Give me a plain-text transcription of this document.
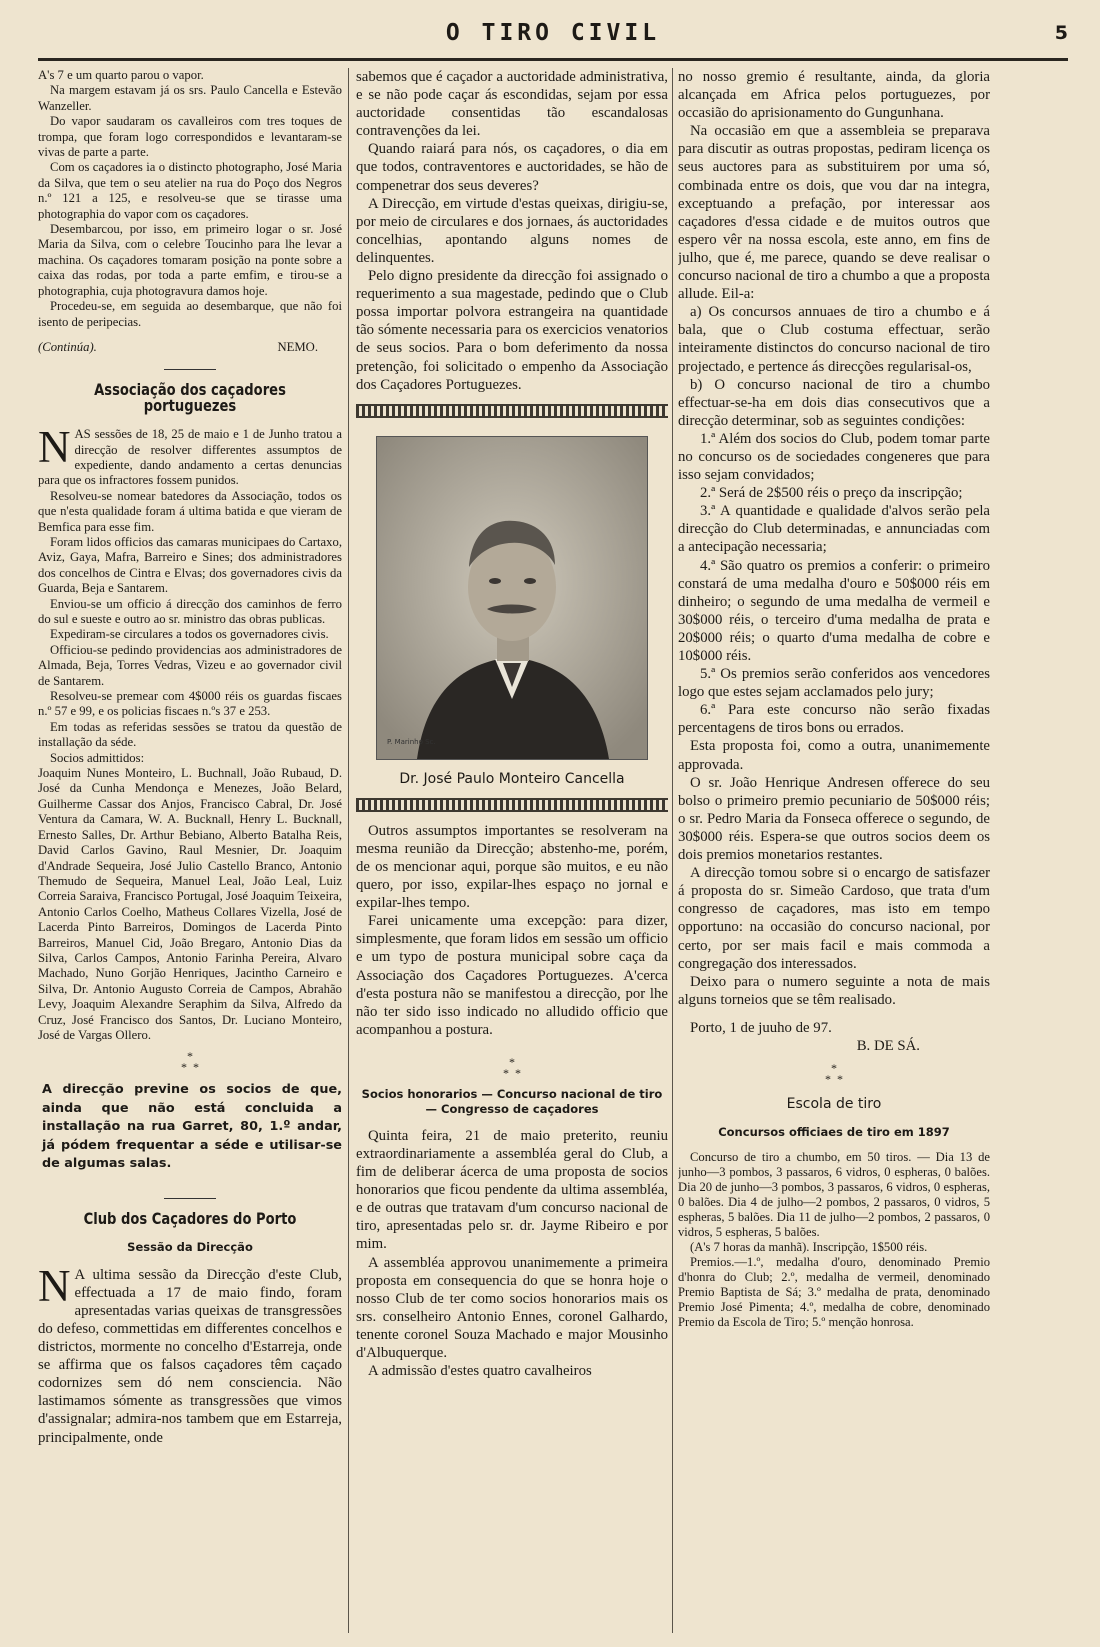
O TIRO CIVIL	5

A's 7 e um quarto parou o vapor.

Na margem estavam já os srs. Paulo Cancella e Estevão Wanzeller.

Do vapor saudaram os cavalleiros com tres toques de trompa, que foram logo correspondidos e levantaram-se vivas de parte a parte.

Com os caçadores ia o distincto photographo, José Maria da Silva, que tem o seu atelier na rua do Poço dos Negros n.º 121 a 125, e resolveu-se que se tirasse uma photographia do vapor com os caçadores.

Desembarcou, por isso, em primeiro logar o sr. José Maria da Silva, com o celebre Toucinho para lhe levar a machina. Os caçadores tomaram posição na ponte sobre a caixa das rodas, por toda a parte emfim, e tirou-se a photographia, cuja photogravura damos hoje.

Procedeu-se, em seguida ao desembarque, que não foi isento de peripecias.

(Continúa).	NEMO.
Associação dos caçadores portuguezes

NAS sessões de 18, 25 de maio e 1 de Junho tratou a direcção de resolver differentes assumptos de expediente, dando andamento a certas denuncias para que os infractores fossem punidos.

Resolveu-se nomear batedores da Associação, todos os que n'esta qualidade foram á ultima batida e que vieram de Bemfica para esse fim.

Foram lidos officios das camaras municipaes do Cartaxo, Aviz, Gaya, Mafra, Barreiro e Sines; dos administradores dos concelhos de Cintra e Elvas; dos governadores civis da Guarda, Beja e Santarem.

Enviou-se um officio á direcção dos caminhos de ferro do sul e sueste e outro ao sr. ministro das obras publicas.

Expediram-se circulares a todos os governadores civis.

Officiou-se pedindo providencias aos administradores de Almada, Beja, Torres Vedras, Vizeu e ao governador civil de Santarem.

Resolveu-se premear com 4$000 réis os guardas fiscaes n.º 57 e 99, e os policias fiscaes n.ºs 37 e 253.

Em todas as referidas sessões se tratou da questão de installação da séde.

Socios admittidos:

Joaquim Nunes Monteiro, L. Buchnall, João Rubaud, D. José da Cunha Mendonça e Menezes, João Belard, Guilherme Cassar dos Anjos, Francisco Cabral, Dr. José Ventura da Camara, W. A. Bucknall, Henry L. Bucknall, Ernesto Salles, Dr. Arthur Bebiano, Alberto Batalha Reis, David Carlos Gavino, Raul Mesnier, Dr. Joaquim d'Andrade Sequeira, José Julio Castello Branco, Antonio Themudo de Sequeira, Manuel Leal, João Leal, Luiz Correia Saraiva, Francisco Portugal, José Joaquim Teixeira, Antonio Carlos Coelho, Matheus Collares Vizella, José de Lacerda Pinto Barreiros, Domingos de Lacerda Pinto Barreiros, Manuel Cid, João Bregaro, Antonio Dias da Silva, Carlos Campos, Antonio Farinha Pereira, Alvaro Machado, Nuno Gorjão Henriques, Jacintho Carneiro e Silva, Dr. Antonio Augusto Correia de Campos, Abrahão Levy, Joaquim Alexandre Seraphim da Silva, Alfredo da Cruz, José Francisco dos Santos, Dr. Luciano Monteiro, José de Vargas Ollero.

*
*  *
A direcção previne os socios de que, ainda que não está concluida a installação na rua Garret, 80, 1.º andar, já pódem frequentar a séde e utilisar-se de algumas salas.
Club dos Caçadores do Porto
Sessão da Direcção

N A ultima sessão da Direcção d'este Club, effectuada a 17 de maio findo, foram apresentadas varias queixas de transgressões do defeso, commettidas em differentes concelhos e districtos, mormente no concelho d'Estarreja, onde se affirma que os falsos caçadores têm caçado codornizes sem dó nem consciencia. Não lastimamos sómente as transgressões que vimos d'assignalar; admira-nos tambem que em Estarreja, principalmente, onde

sabemos que é caçador a auctoridade administrativa, e se não pode caçar ás escondidas, sejam por essa auctoridade consentidas tão escandalosas contravenções da lei.

Quando raiará para nós, os caçadores, o dia em que todos, contraventores e auctoridades, se hão de compenetrar dos seus deveres?

A Direcção, em virtude d'estas queixas, dirigiu-se, por meio de circulares e dos jornaes, ás auctoridades concelhias, apontando alguns nomes de delinquentes.

Pelo digno presidente da direcção foi assignado o requerimento a sua magestade, pedindo que o Club possa importar polvora estrangeira na quantidade tão sómente necessaria para os exercicios venatorios de seus socios. Para o bom deferimento da nossa pretenção, foi solicitado o empenho da Associação dos Caçadores Portuguezes.

P. Marinho Sc.
Dr. José Paulo Monteiro Cancella

Outros assumptos importantes se resolveram na mesma reunião da Direcção; abstenho-me, porém, de os mencionar aqui, porque são muitos, e eu não quero, por isso, expilar-lhes espaço no jornal e expilar-lhes tempo.

Farei unicamente uma excepção: para dizer, simplesmente, que foram lidos em sessão um officio e um typo de postura municipal sobre caça da Associação dos Caçadores Portuguezes. A'cerca d'esta postura não se manifestou a direcção, por lhe não ter sido isso indicado no alludido officio que acompanhou a postura.

*
*  *
Socios honorarios — Concurso nacional de tiro — Congresso de caçadores

Quinta feira, 21 de maio preterito, reuniu extraordinariamente a assembléa geral do Club, a fim de deliberar ácerca de uma proposta de socios honorarios que ficou pendente da ultima assembléa, e de outras que tratavam d'um concurso nacional de tiro, apresentadas pelo sr. dr. Jayme Ribeiro e por mim.

A assembléa approvou unanimemente a primeira proposta em consequencia do que se honra hoje o nosso Club de ter como socios honorarios mais os srs. conselheiro Antonio Ennes, coronel Galhardo, tenente coronel Souza Machado e major Mousinho d'Albuquerque.

A admissão d'estes quatro cavalheiros

no nosso gremio é resultante, ainda, da gloria alcançada em Africa pelos portuguezes, por occasião do aprisionamento do Gungunhana.

Na occasião em que a assembleia se preparava para discutir as outras propostas, pediram licença os seus auctores para as substituirem por uma só, combinada entre os dois, que vou dar na integra, exceptuando a prefação, por interessar aos caçadores d'essa cidade e de muitos outros que espero vêr na nossa escola, este anno, em fins de julho, que é, me parece, quando se deve realisar o concurso nacional de tiro a chumbo a que a proposta allude. Eil-a:

a) Os concursos annuaes de tiro a chumbo e á bala, que o Club costuma effectuar, serão inteiramente distinctos do concurso nacional de tiro projectado, e pertence ás direcções regularisal-os,

b) O concurso nacional de tiro a chumbo effectuar-se-ha em dois dias consecutivos que a direcção determinar, sob as seguintes condições:

1.ª Além dos socios do Club, podem tomar parte no concurso os de sociedades congeneres que para isso sejam convidados;

2.ª Será de 2$500 réis o preço da inscripção;

3.ª A quantidade e qualidade d'alvos serão pela direcção do Club determinadas, e annunciadas com a antecipação necessaria;

4.ª São quatro os premios a conferir: o primeiro constará de uma medalha d'ouro e 50$000 réis em dinheiro; o segundo de uma medalha de vermeil e 30$000 réis, o terceiro d'uma medalha de prata e 20$000 réis; o quarto d'uma medalha de cobre e 10$000 réis.

5.ª Os premios serão conferidos aos vencedores logo que estes sejam acclamados pelo jury;

6.ª Para este concurso não serão fixadas percentagens de tiros bons ou errados.

Esta proposta foi, como a outra, unanimemente approvada.

O sr. João Henrique Andresen offerece do seu bolso o primeiro premio pecuniario de 50$000 réis; o sr. Pedro Maria da Fonseca offerece o segundo, de 30$000 réis. Espera-se que outros socios deem os dois premios monetarios restantes.

A direcção tomou sobre si o encargo de satisfazer á proposta do sr. Simeão Cardoso, que trata d'um congresso de caçadores, mas isto em tempo opportuno: na occasião do concurso nacional, por certo, por ser mais facil e mais commoda a congregação dos interessados.

Deixo para o numero seguinte a nota de mais alguns torneios que se têm realisado.

Porto, 1 de juuho de 97.
B. DE SÁ.
*
*  *
Escola de tiro
Concursos officiaes de tiro em 1897

Concurso de tiro a chumbo, em 50 tiros. — Dia 13 de junho—3 pombos, 3 passaros, 6 vidros, 0 espheras, 0 balões. Dia 20 de junho—3 pombos, 3 passaros, 6 vidros, 0 espheras, 0 balões. Dia 4 de julho—2 pombos, 2 passaros, 0 vidros, 5 espheras, 5 balões. Dia 11 de julho—2 pombos, 2 passaros, 0 vidros, 5 espheras, 5 balões.

(A's 7 horas da manhã). Inscripção, 1$500 réis.

Premios.—1.º, medalha d'ouro, denominado Premio d'honra do Club; 2.º, medalha de vermeil, denominado Premio Baptista de Sá; 3.º medalha de prata, denominado Premio José Pimenta; 4.º, medalha de cobre, denominado Premio da Escola de Tiro; 5.º menção honrosa.
